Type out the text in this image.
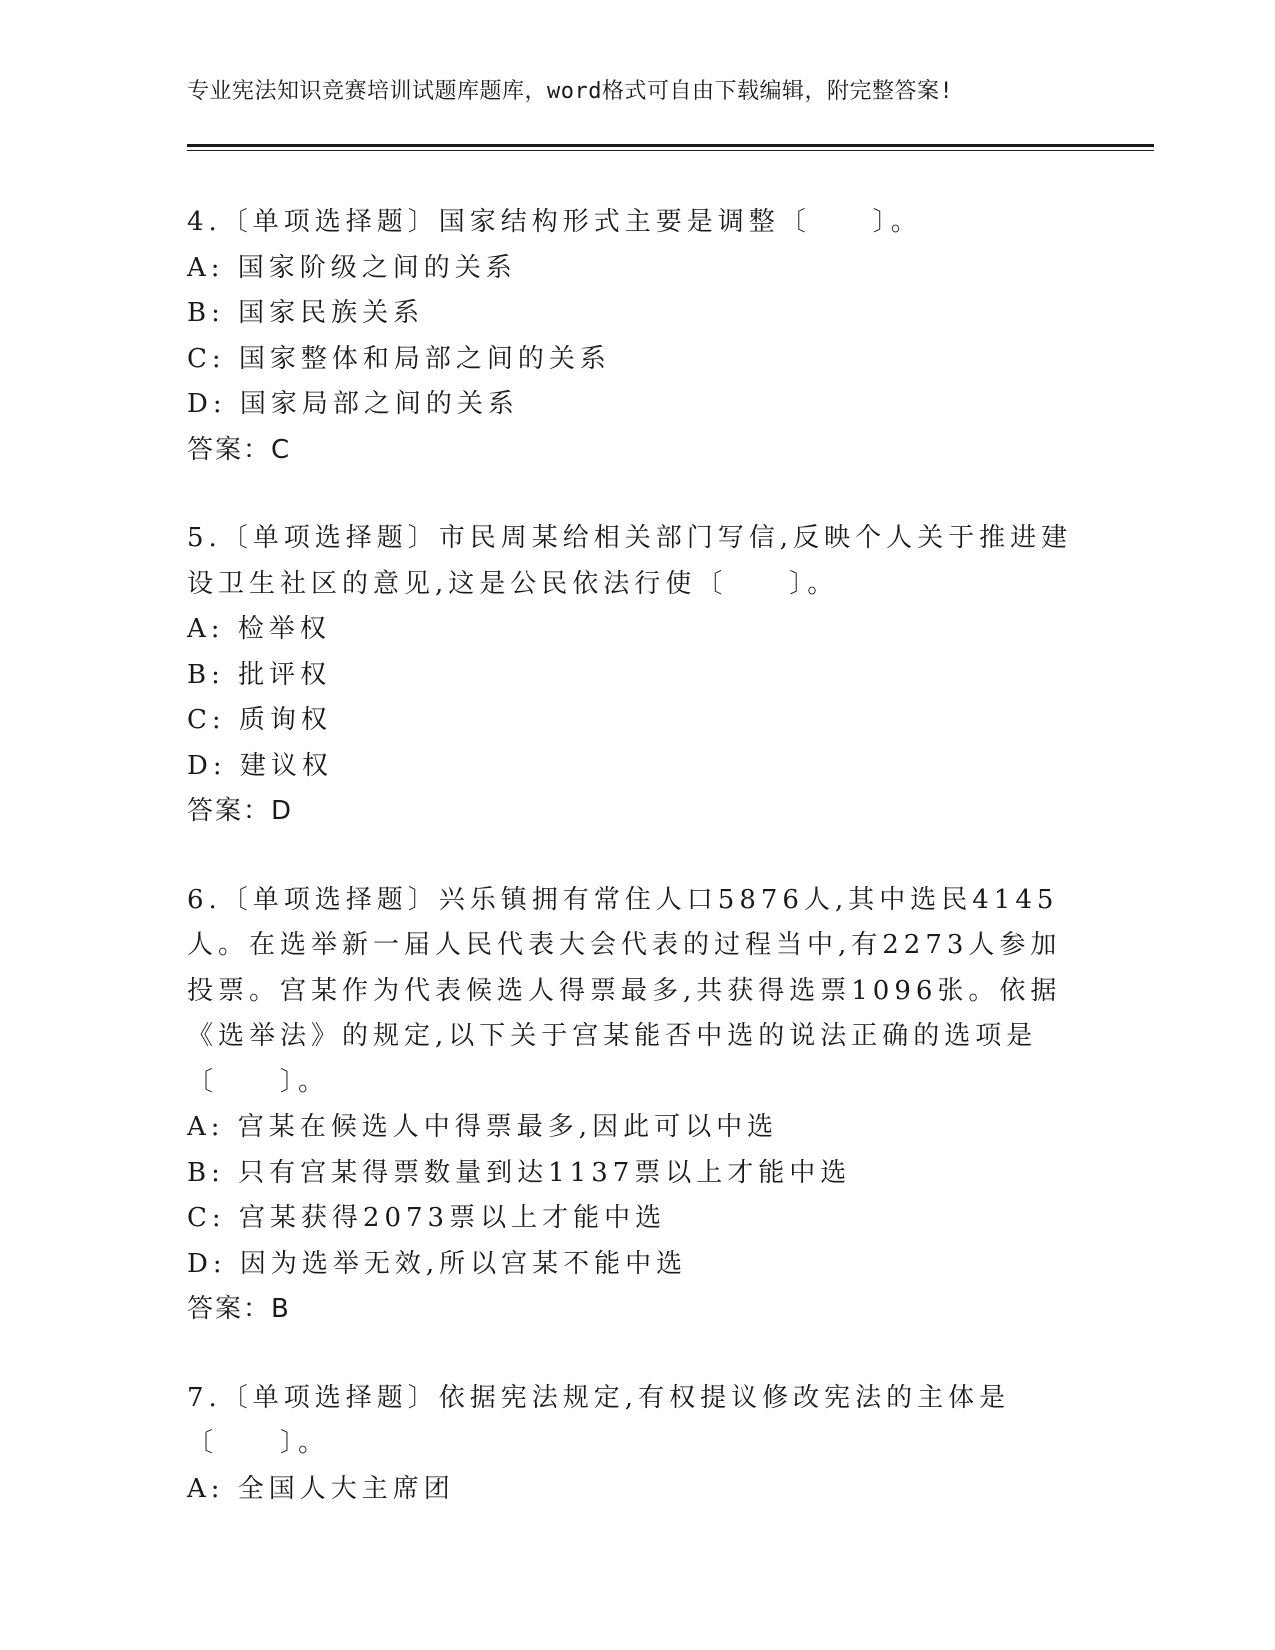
专业宪法知识竞赛培训试题库题库，word格式可自由下载编辑，附完整答案!

4.〔单项选择题〕国家结构形式主要是调整〔　　〕。

A: 国家阶级之间的关系

B: 国家民族关系

C: 国家整体和局部之间的关系

D: 国家局部之间的关系

答案：C

5.〔单项选择题〕市民周某给相关部门写信,反映个人关于推进建设卫生社区的意见,这是公民依法行使〔　　〕。

A: 检举权

B: 批评权

C: 质询权

D: 建议权

答案：D

6.〔单项选择题〕兴乐镇拥有常住人口5876人,其中选民4145人。在选举新一届人民代表大会代表的过程当中,有2273人参加投票。宫某作为代表候选人得票最多,共获得选票1096张。依据《选举法》的规定,以下关于宫某能否中选的说法正确的选项是〔　　〕。

A: 宫某在候选人中得票最多,因此可以中选

B: 只有宫某得票数量到达1137票以上才能中选

C: 宫某获得2073票以上才能中选

D: 因为选举无效,所以宫某不能中选

答案：B

7.〔单项选择题〕依据宪法规定,有权提议修改宪法的主体是〔　　〕。

A: 全国人大主席团
